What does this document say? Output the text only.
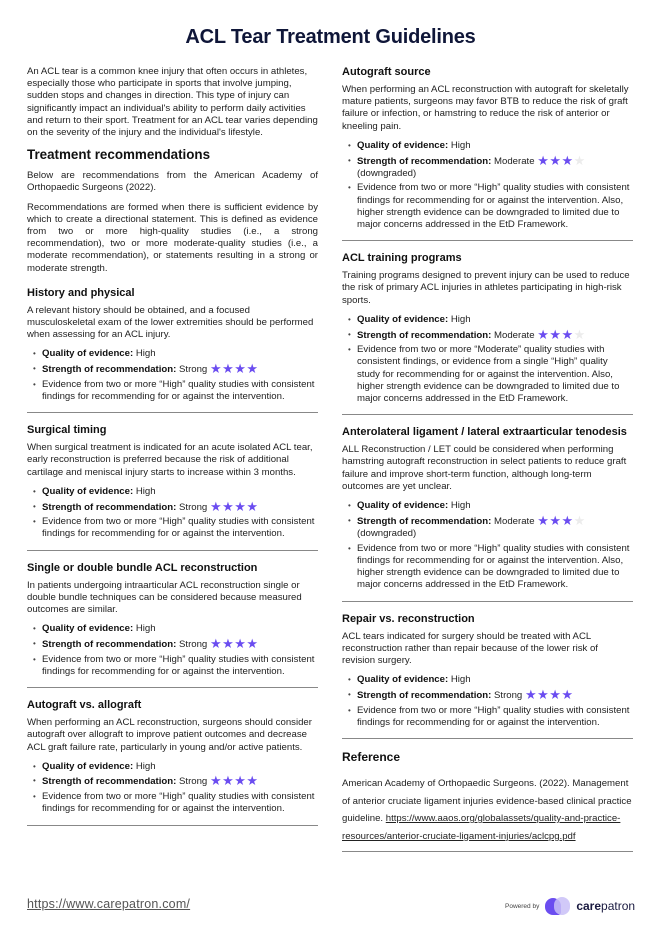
ACL Tear Treatment Guidelines

An ACL tear is a common knee injury that often occurs in athletes, especially those who participate in sports that involve jumping, sudden stops and changes in direction. This type of injury can significantly impact an individual's ability to perform daily activities and return to their sport. Treatment for an ACL tear varies depending on the severity of the injury and the individual's lifestyle.

Treatment recommendations

Below are recommendations from the American Academy of Orthopaedic Surgeons (2022).

Recommendations are formed when there is sufficient evidence by which to create a directional statement. This is defined as evidence from two or more high-quality studies (i.e., a strong recommendation), two or more moderate-quality studies (i.e., a moderate recommendation), or statements resulting in a strong or moderate strength.

History and physical

A relevant history should be obtained, and a focused musculoskeletal exam of the lower extremities should be performed when assessing for an ACL injury.

• Quality of evidence: High
• Strength of recommendation: Strong ★★★★
• Evidence from two or more “High” quality studies with consistent findings for recommending for or against the intervention.
Surgical timing

When surgical treatment is indicated for an acute isolated ACL tear, early reconstruction is preferred because the risk of additional cartilage and meniscal injury starts to increase within 3 months.

• Quality of evidence: High
• Strength of recommendation: Strong ★★★★
• Evidence from two or more “High” quality studies with consistent findings for recommending for or against the intervention.
Single or double bundle ACL reconstruction

In patients undergoing intraarticular ACL reconstruction single or double bundle techniques can be considered because measured outcomes are similar.

• Quality of evidence: High
• Strength of recommendation: Strong ★★★★
• Evidence from two or more “High” quality studies with consistent findings for recommending for or against the intervention.
Autograft vs. allograft

When performing an ACL reconstruction, surgeons should consider autograft over allograft to improve patient outcomes and decrease ACL graft failure rate, particularly in young and/or active patients.

• Quality of evidence: High
• Strength of recommendation: Strong ★★★★
• Evidence from two or more “High” quality studies with consistent findings for recommending for or against the intervention.
Autograft source

When performing an ACL reconstruction with autograft for skeletally mature patients, surgeons may favor BTB to reduce the risk of graft failure or infection, or hamstring to reduce the risk of anterior or kneeling pain.

• Quality of evidence: High
• Strength of recommendation: Moderate ★★★★
(downgraded)
• Evidence from two or more “High” quality studies with consistent findings for recommending for or against the intervention. Also, higher strength evidence can be downgraded to limited due to major concerns addressed in the EtD Framework.
ACL training programs

Training programs designed to prevent injury can be used to reduce the risk of primary ACL injuries in athletes participating in high-risk sports.

• Quality of evidence: High
• Strength of recommendation: Moderate ★★★★
• Evidence from two or more “Moderate” quality studies with consistent findings, or evidence from a single “High” quality study for recommending for or against the intervention. Also, higher strength evidence can be downgraded to limited due to major concerns addressed in the EtD Framework.
Anterolateral ligament / lateral extraarticular tenodesis

ALL Reconstruction / LET could be considered when performing hamstring autograft reconstruction in select patients to reduce graft failure and improve short-term function, although long-term outcomes are yet unclear.

• Quality of evidence: High
• Strength of recommendation: Moderate ★★★★
(downgraded)
• Evidence from two or more “High” quality studies with consistent findings for recommending for or against the intervention. Also, higher strength evidence can be downgraded to limited due to major concerns addressed in the EtD Framework.
Repair vs. reconstruction

ACL tears indicated for surgery should be treated with ACL reconstruction rather than repair because of the lower risk of revision surgery.

• Quality of evidence: High
• Strength of recommendation: Strong ★★★★
• Evidence from two or more “High” quality studies with consistent findings for recommending for or against the intervention.
Reference

American Academy of Orthopaedic Surgeons. (2022). Management of anterior cruciate ligament injuries evidence-based clinical practice guideline. https://www.aaos.org/globalassets/quality-and-practice-resources/anterior-cruciate-ligament-injuries/aclcpg.pdf

https://www.carepatron.com/	Powered by	carepatron
